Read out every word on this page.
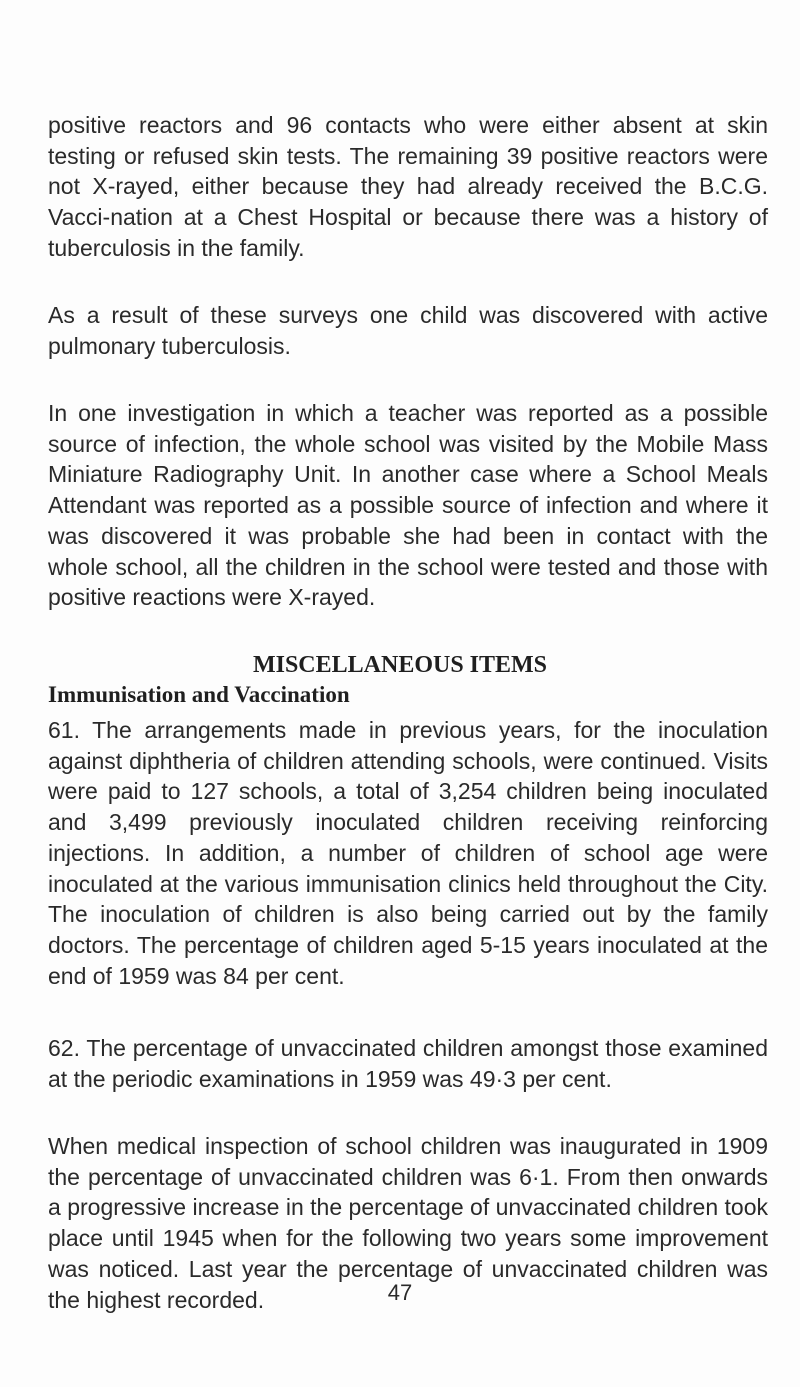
positive reactors and 96 contacts who were either absent at skin testing or refused skin tests. The remaining 39 positive reactors were not X-rayed, either because they had already received the B.C.G. Vacci-nation at a Chest Hospital or because there was a history of tuberculosis in the family.

As a result of these surveys one child was discovered with active pulmonary tuberculosis.

In one investigation in which a teacher was reported as a possible source of infection, the whole school was visited by the Mobile Mass Miniature Radiography Unit. In another case where a School Meals Attendant was reported as a possible source of infection and where it was discovered it was probable she had been in contact with the whole school, all the children in the school were tested and those with positive reactions were X-rayed.

MISCELLANEOUS ITEMS
Immunisation and Vaccination

61. The arrangements made in previous years, for the inoculation against diphtheria of children attending schools, were continued. Visits were paid to 127 schools, a total of 3,254 children being inoculated and 3,499 previously inoculated children receiving reinforcing injections. In addition, a number of children of school age were inoculated at the various immunisation clinics held throughout the City. The inoculation of children is also being carried out by the family doctors. The percentage of children aged 5-15 years inoculated at the end of 1959 was 84 per cent.

62. The percentage of unvaccinated children amongst those examined at the periodic examinations in 1959 was 49·3 per cent.

When medical inspection of school children was inaugurated in 1909 the percentage of unvaccinated children was 6·1. From then onwards a progressive increase in the percentage of unvaccinated children took place until 1945 when for the following two years some improvement was noticed. Last year the percentage of unvaccinated children was the highest recorded.	47
